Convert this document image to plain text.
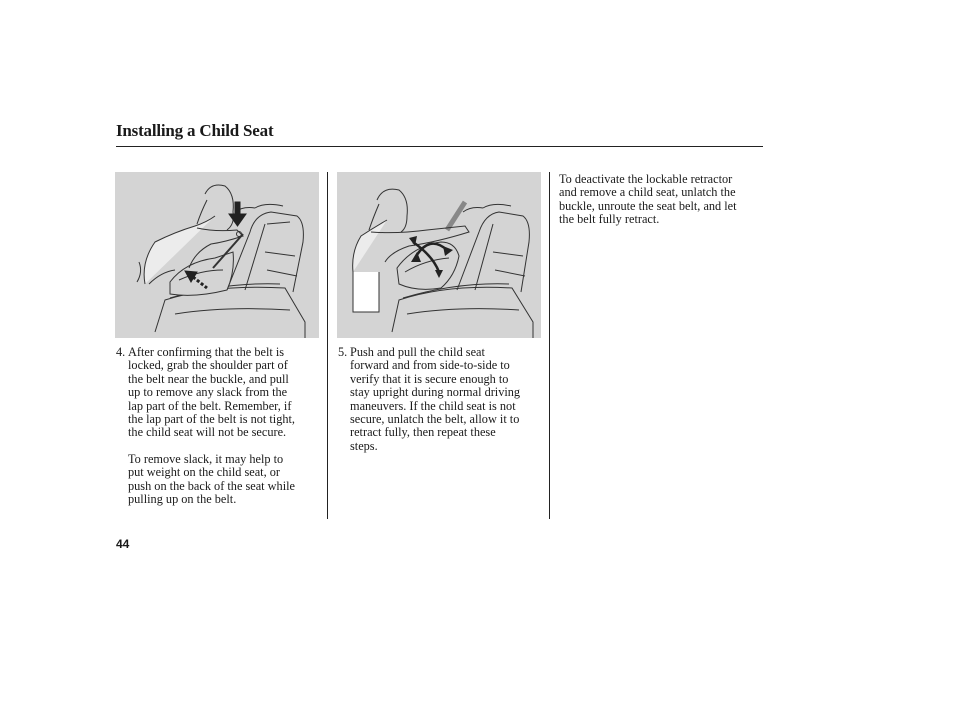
Installing a Child Seat
4. After confirming that the belt is
locked, grab the shoulder part of
the belt near the buckle, and pull
up to remove any slack from the
lap part of the belt. Remember, if
the lap part of the belt is not tight,
the child seat will not be secure.
To remove slack, it may help to
put weight on the child seat, or
push on the back of the seat while
pulling up on the belt.
5. Push and pull the child seat
forward and from side-to-side to
verify that it is secure enough to
stay upright during normal driving
maneuvers. If the child seat is not
secure, unlatch the belt, allow it to
retract fully, then repeat these
steps.
To deactivate the lockable retractor
and remove a child seat, unlatch the
buckle, unroute the seat belt, and let
the belt fully retract.
44
